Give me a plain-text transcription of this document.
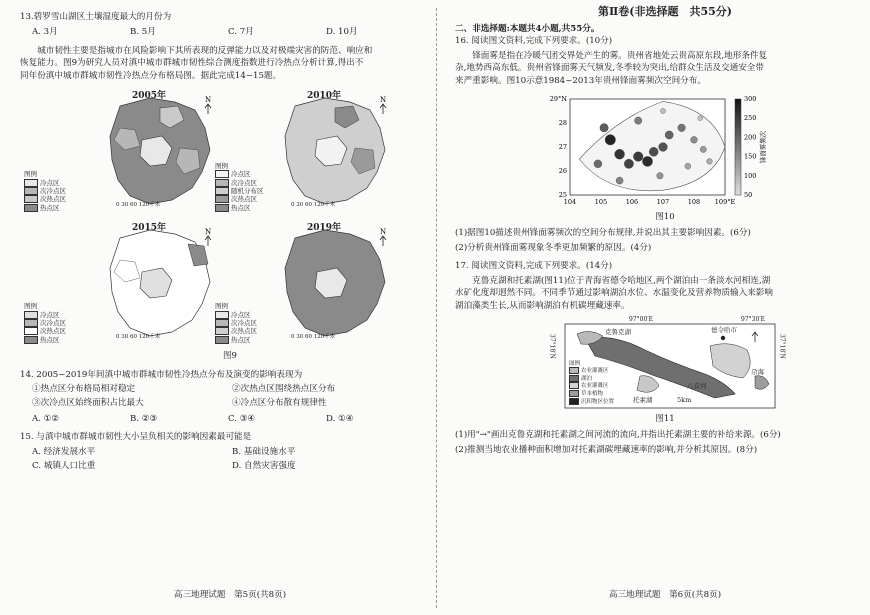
13.碧罗雪山湖区土壤湿度最大的月份为
A. 3月	B. 5月	C. 7月	D. 10月
城市韧性主要是指城市在风险影响下其所表现的反弹能力以及对极端灾害的防范、响应和
恢复能力。图9为研究人员对滇中城市群城市韧性综合测度指数进行冷热点分析计算,得出不
同年份滇中城市群城市韧性冷热点分布格局图。据此完成14~15题。
N
2005年
图例
冷点区
次冷点区
次热点区
热点区	0 30 60 120千米
N
2010年
图例
冷点区
次冷点区
随机分布区
次热点区
热点区	0 30 60 120千米
N
2015年
图例
冷点区
次冷点区
次热点区
热点区	0 30 60 120千米
N
2019年
图例
冷点区
次冷点区
次热点区
热点区	0 30 60 120千米
图9
14. 2005~2019年间滇中城市群城市韧性冷热点分布及演变的影响表现为
①热点区分布格局相对稳定	②次热点区围绕热点区分布
③次冷点区始终面积占比最大	④冷点区分布散有规律性
A. ①②	B. ②③	C. ③④	D. ①④
15. 与滇中城市群城市韧性大小呈负相关的影响因素最可能是
A. 经济发展水平	B. 基础设施水平
C. 城镇人口比重	D. 自然灾害强度
高三地理试题　第5页(共8页)
第Ⅱ卷(非选择题　共55分)
二、非选择题:本题共4小题,共55分。
16. 阅读图文资料,完成下列要求。(10分)
锋面雾是指在冷暖气团交界处产生的雾。贵州省地处云贵高原东段,地形条件复
杂,地势西高东低。贵州省锋面雾天气频发,冬季较为突出,给群众生活及交通安全带
来严重影响。图10示意1984~2013年贵州锋面雾频次空间分布。
104	105	106	107	108 109°E
29°N
28
27
26
25
300
250
200
150
100
50
锋面雾频次
图10
(1)据图10描述贵州锋面雾频次的空间分布规律,并说出其主要影响因素。(6分)
(2)分析贵州锋面雾现象冬季更加频繁的原因。(4分)
17. 阅读图文资料,完成下列要求。(14分)
克鲁克湖和托素湖(图11)位于青海省德令哈地区,两个湖泊由一条淡水河相连,湖
水矿化度却迥然不同。不同季节通过影响湖泊水位、水温变化及营养物质输入来影响
湖泊藻类生长,从而影响湖泊有机碳埋藏速率。
97°00′E	97°30′E
37°18′N	37°18′N
克鲁克湖	德令哈市
托素湖
八音河
尕海
5km
图例
农业灌溉区
湖泊
农业灌溉区
草本植物
沉积物区位置
图11
(1)用"→"画出克鲁克湖和托素湖之间河流的流向,并指出托素湖主要的补给来源。(6分)
(2)推测当地农业播种面积增加对托素湖碳埋藏速率的影响,并分析其原因。(8分)
高三地理试题　第6页(共8页)
